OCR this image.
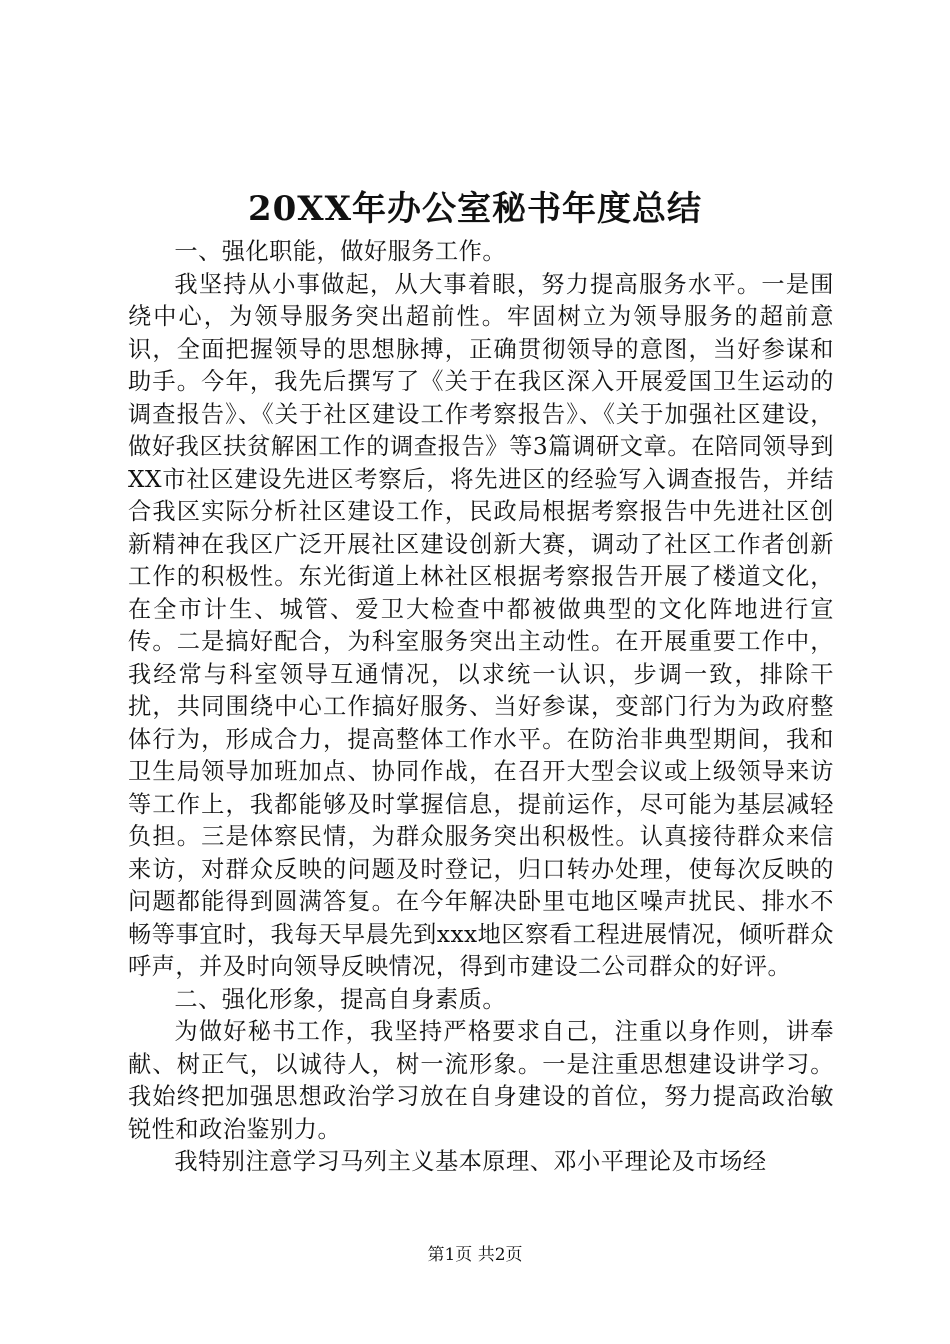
20XX年办公室秘书年度总结

一、强化职能，做好服务工作。

我坚持从小事做起，从大事着眼，努力提高服务水平。一是围绕中心，为领导服务突出超前性。牢固树立为领导服务的超前意识，全面把握领导的思想脉搏，正确贯彻领导的意图，当好参谋和助手。今年，我先后撰写了《关于在我区深入开展爱国卫生运动的调查报告》、《关于社区建设工作考察报告》、《关于加强社区建设，做好我区扶贫解困工作的调查报告》等3篇调研文章。在陪同领导到XX市社区建设先进区考察后，将先进区的经验写入调查报告，并结合我区实际分析社区建设工作，民政局根据考察报告中先进社区创新精神在我区广泛开展社区建设创新大赛，调动了社区工作者创新工作的积极性。东光街道上林社区根据考察报告开展了楼道文化，在全市计生、城管、爱卫大检查中都被做典型的文化阵地进行宣传。二是搞好配合，为科室服务突出主动性。在开展重要工作中，我经常与科室领导互通情况，以求统一认识，步调一致，排除干扰，共同围绕中心工作搞好服务、当好参谋，变部门行为为政府整体行为，形成合力，提高整体工作水平。在防治非典型期间，我和卫生局领导加班加点、协同作战，在召开大型会议或上级领导来访等工作上，我都能够及时掌握信息，提前运作，尽可能为基层减轻负担。三是体察民情，为群众服务突出积极性。认真接待群众来信来访，对群众反映的问题及时登记，归口转办处理，使每次反映的问题都能得到圆满答复。在今年解决卧里屯地区噪声扰民、排水不畅等事宜时，我每天早晨先到xxx地区察看工程进展情况，倾听群众呼声，并及时向领导反映情况，得到市建设二公司群众的好评。

二、强化形象，提高自身素质。

为做好秘书工作，我坚持严格要求自己，注重以身作则，讲奉献、树正气，以诚待人，树一流形象。一是注重思想建设讲学习。我始终把加强思想政治学习放在自身建设的首位，努力提高政治敏锐性和政治鉴别力。

我特别注意学习马列主义基本原理、邓小平理论及市场经

第1页 共2页
